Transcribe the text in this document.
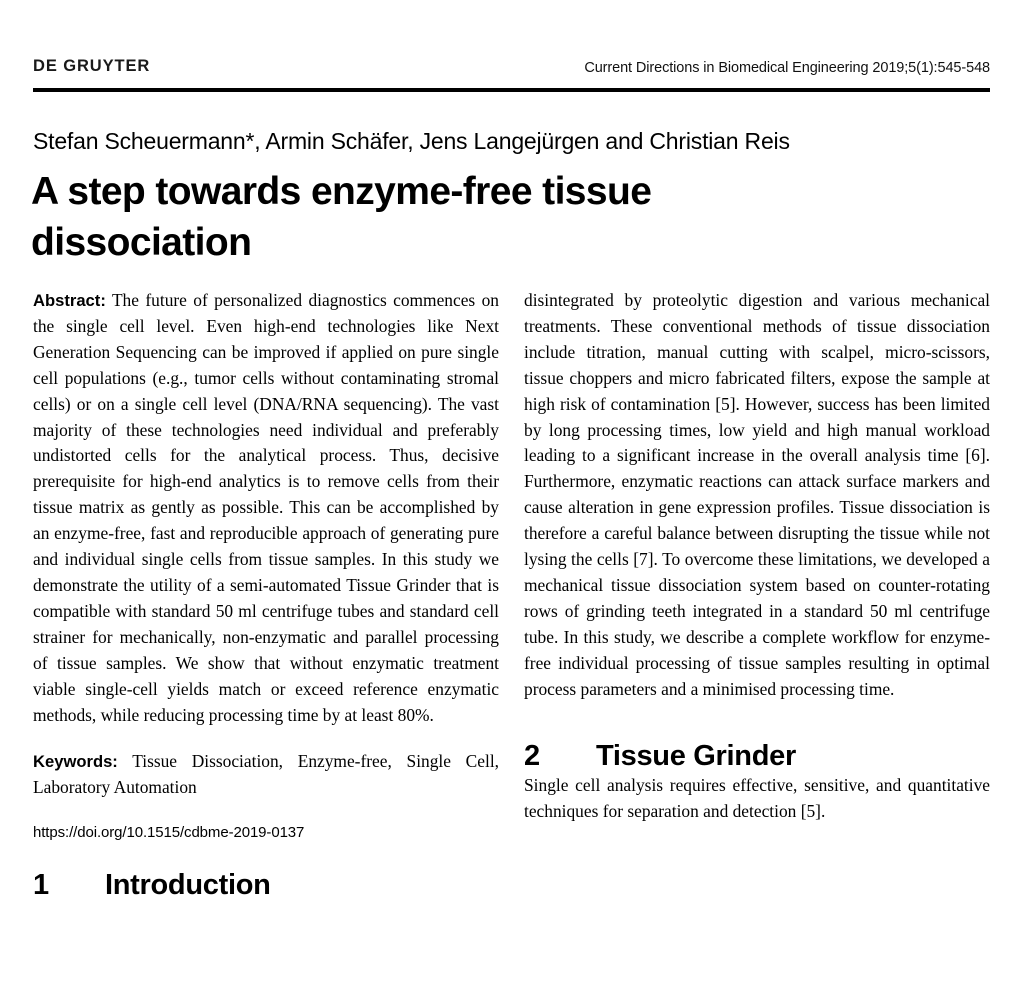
DE GRUYTER	Current Directions in Biomedical Engineering 2019;5(1):545-548
Stefan Scheuermann*, Armin Schäfer, Jens Langejürgen and Christian Reis
A step towards enzyme-free tissue dissociation

Abstract: The future of personalized diagnostics commences on the single cell level. Even high-end technologies like Next Generation Sequencing can be improved if applied on pure single cell populations (e.g., tumor cells without contaminating stromal cells) or on a single cell level (DNA/RNA sequencing). The vast majority of these technologies need individual and preferably undistorted cells for the analytical process. Thus, decisive prerequisite for high-end analytics is to remove cells from their tissue matrix as gently as possible. This can be accomplished by an enzyme-free, fast and reproducible approach of generating pure and individual single cells from tissue samples. In this study we demonstrate the utility of a semi-automated Tissue Grinder that is compatible with standard 50 ml centrifuge tubes and standard cell strainer for mechanically, non-enzymatic and parallel processing of tissue samples. We show that without enzymatic treatment viable single-cell yields match or exceed reference enzymatic methods, while reducing processing time by at least 80%.

Keywords: Tissue Dissociation, Enzyme-free, Single Cell, Laboratory Automation

https://doi.org/10.1515/cdbme-2019-0137

1	Introduction

disintegrated by proteolytic digestion and various mechanical treatments. These conventional methods of tissue dissociation include titration, manual cutting with scalpel, micro-scissors, tissue choppers and micro fabricated filters, expose the sample at high risk of contamination [5]. However, success has been limited by long processing times, low yield and high manual workload leading to a significant increase in the overall analysis time [6]. Furthermore, enzymatic reactions can attack surface markers and cause alteration in gene expression profiles. Tissue dissociation is therefore a careful balance between disrupting the tissue while not lysing the cells [7]. To overcome these limitations, we developed a mechanical tissue dissociation system based on counter-rotating rows of grinding teeth integrated in a standard 50 ml centrifuge tube. In this study, we describe a complete workflow for enzyme-free individual processing of tissue samples resulting in optimal process parameters and a minimised processing time.

2	Tissue Grinder

Single cell analysis requires effective, sensitive, and quantitative techniques for separation and detection [5].
